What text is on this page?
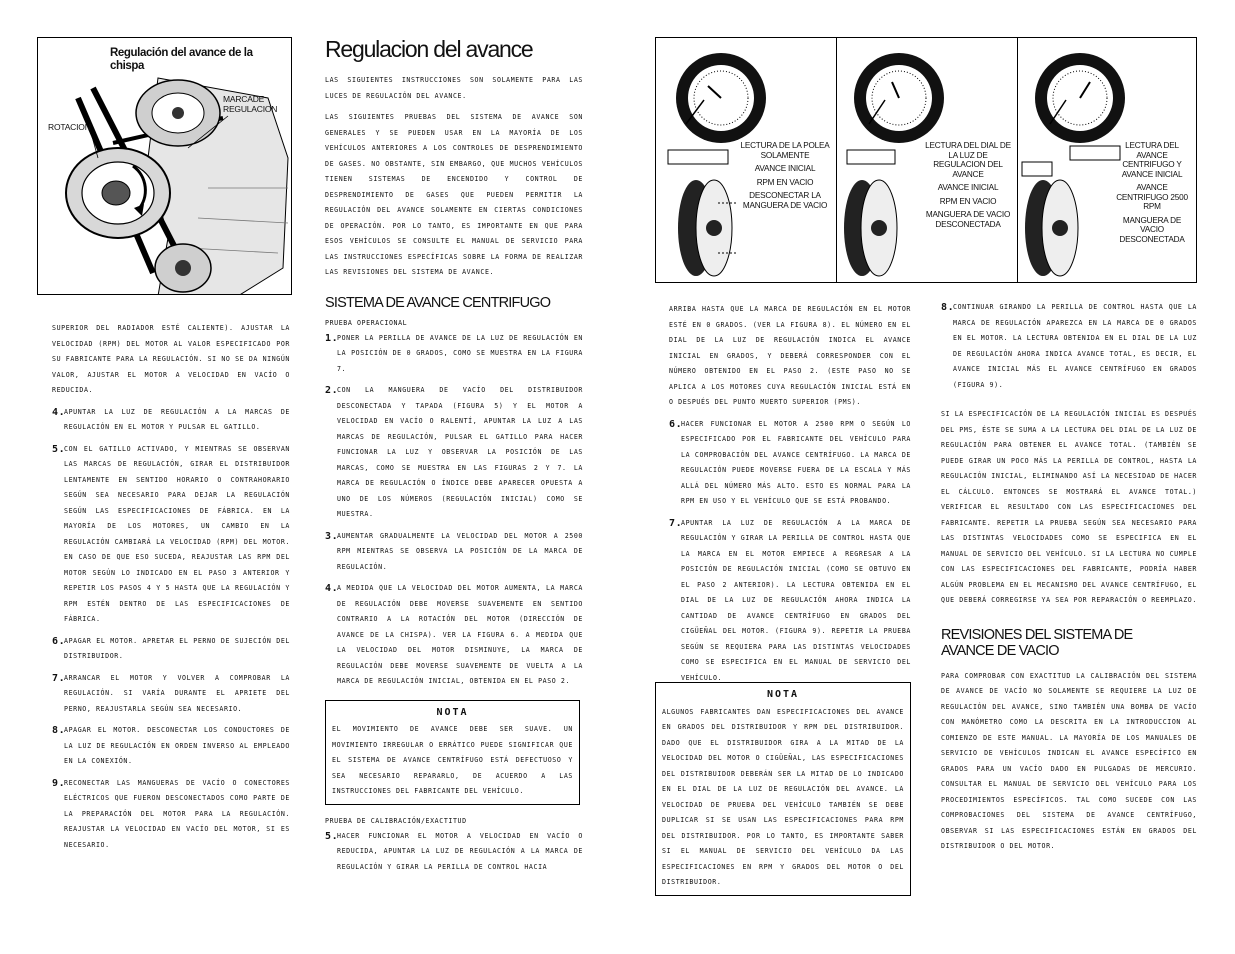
Regulación del avance de la chispa
MARCADE REGULACION
ROTACION

SUPERIOR DEL RADIADOR ESTÉ CALIENTE). AJUSTAR LA VELOCIDAD (RPM) DEL MOTOR AL VALOR ESPECIFICADO POR SU FABRICANTE PARA LA REGULACIÓN. SI NO SE DA NINGÚN VALOR, AJUSTAR EL MOTOR A VELOCIDAD EN VACÍO O REDUCIDA.

4.
APUNTAR LA LUZ DE REGULACIÓN A LA MARCAS DE REGULACIÓN EN EL MOTOR Y PULSAR EL GATILLO.
5.
CON EL GATILLO ACTIVADO, Y MIENTRAS SE OBSERVAN LAS MARCAS DE REGULACIÓN, GIRAR EL DISTRIBUIDOR LENTAMENTE EN SENTIDO HORARIO O CONTRAHORARIO SEGÚN SEA NECESARIO PARA DEJAR LA REGULACIÓN SEGÚN LAS ESPECIFICACIONES DE FÁBRICA. EN LA MAYORÍA DE LOS MOTORES, UN CAMBIO EN LA REGULACIÓN CAMBIARÁ LA VELOCIDAD (RPM) DEL MOTOR. EN CASO DE QUE ESO SUCEDA, REAJUSTAR LAS RPM DEL MOTOR SEGÚN LO INDICADO EN EL PASO 3 ANTERIOR Y REPETIR LOS PASOS 4 Y 5 HASTA QUE LA REGULACIÓN Y RPM ESTÉN DENTRO DE LAS ESPECIFICACIONES DE FÁBRICA.
6.
APAGAR EL MOTOR. APRETAR EL PERNO DE SUJECIÓN DEL DISTRIBUIDOR.
7.
ARRANCAR EL MOTOR Y VOLVER A COMPROBAR LA REGULACIÓN. SI VARÍA DURANTE EL APRIETE DEL PERNO, REAJUSTARLA SEGÚN SEA NECESARIO.
8.
APAGAR EL MOTOR. DESCONECTAR LOS CONDUCTORES DE LA LUZ DE REGULACIÓN EN ORDEN INVERSO AL EMPLEADO EN LA CONEXIÓN.
9.
RECONECTAR LAS MANGUERAS DE VACÍO O CONECTORES ELÉCTRICOS QUE FUERON DESCONECTADOS COMO PARTE DE LA PREPARACIÓN DEL MOTOR PARA LA REGULACIÓN. REAJUSTAR LA VELOCIDAD EN VACÍO DEL MOTOR, SI ES NECESARIO.
Regulacion del avance

LAS SIGUIENTES INSTRUCCIONES SON SOLAMENTE PARA LAS LUCES DE REGULACIÓN DEL AVANCE.

LAS SIGUIENTES PRUEBAS DEL SISTEMA DE AVANCE SON GENERALES Y SE PUEDEN USAR EN LA MAYORÍA DE LOS VEHÍCULOS ANTERIORES A LOS CONTROLES DE DESPRENDIMIENTO DE GASES. NO OBSTANTE, SIN EMBARGO, QUE MUCHOS VEHÍCULOS TIENEN SISTEMAS DE ENCENDIDO Y CONTROL DE DESPRENDIMIENTO DE GASES QUE PUEDEN PERMITIR LA REGULACIÓN DEL AVANCE SOLAMENTE EN CIERTAS CONDICIONES DE OPERACIÓN. POR LO TANTO, ES IMPORTANTE EN QUE PARA ESOS VEHÍCULOS SE CONSULTE EL MANUAL DE SERVICIO PARA LAS INSTRUCCIONES ESPECÍFICAS SOBRE LA FORMA DE REALIZAR LAS REVISIONES DEL SISTEMA DE AVANCE.

SISTEMA DE AVANCE CENTRIFUGO
PRUEBA OPERACIONAL
1.
PONER LA PERILLA DE AVANCE DE LA LUZ DE REGULACIÓN EN LA POSICIÓN DE 0 GRADOS, COMO SE MUESTRA EN LA FIGURA 7.
2.
CON LA MANGUERA DE VACÍO DEL DISTRIBUIDOR DESCONECTADA Y TAPADA (FIGURA 5) Y EL MOTOR A VELOCIDAD EN VACÍO O RALENTÍ, APUNTAR LA LUZ A LAS MARCAS DE REGULACIÓN, PULSAR EL GATILLO PARA HACER FUNCIONAR LA LUZ Y OBSERVAR LA POSICIÓN DE LAS MARCAS, COMO SE MUESTRA EN LAS FIGURAS 2 Y 7. LA MARCA DE REGULACIÓN O ÍNDICE DEBE APARECER OPUESTA A UNO DE LOS NÚMEROS (REGULACIÓN INICIAL) COMO SE MUESTRA.
3.
AUMENTAR GRADUALMENTE LA VELOCIDAD DEL MOTOR A 2500 RPM MIENTRAS SE OBSERVA LA POSICIÓN DE LA MARCA DE REGULACIÓN.
4.
A MEDIDA QUE LA VELOCIDAD DEL MOTOR AUMENTA, LA MARCA DE REGULACIÓN DEBE MOVERSE SUAVEMENTE EN SENTIDO CONTRARIO A LA ROTACIÓN DEL MOTOR (DIRECCIÓN DE AVANCE DE LA CHISPA). VER LA FIGURA 6. A MEDIDA QUE LA VELOCIDAD DEL MOTOR DISMINUYE, LA MARCA DE REGULACIÓN DEBE MOVERSE SUAVEMENTE DE VUELTA A LA MARCA DE REGULACIÓN INICIAL, OBTENIDA EN EL PASO 2.
NOTA
EL MOVIMIENTO DE AVANCE DEBE SER SUAVE. UN MOVIMIENTO IRREGULAR O ERRÁTICO PUEDE SIGNIFICAR QUE EL SISTEMA DE AVANCE CENTRÍFUGO ESTÁ DEFECTUOSO Y SEA NECESARIO REPARARLO, DE ACUERDO A LAS INSTRUCCIONES DEL FABRICANTE DEL VEHÍCULO.
PRUEBA DE CALIBRACIÓN/EXACTITUD
5.
HACER FUNCIONAR EL MOTOR A VELOCIDAD EN VACÍO O REDUCIDA, APUNTAR LA LUZ DE REGULACIÓN A LA MARCA DE REGULACIÓN Y GIRAR LA PERILLA DE CONTROL HACIA
LECTURA DE LA POLEA SOLAMENTE
AVANCE INICIAL
RPM EN VACIO
DESCONECTAR LA MANGUERA DE VACIO
LECTURA DEL DIAL DE LA LUZ DE REGULACION DEL AVANCE
AVANCE INICIAL
RPM EN VACIO
MANGUERA DE VACIO DESCONECTADA
LECTURA DEL AVANCE CENTRIFUGO Y AVANCE INICIAL
AVANCE CENTRIFUGO 2500 RPM
MANGUERA DE VACIO DESCONECTADA

ARRIBA HASTA QUE LA MARCA DE REGULACIÓN EN EL MOTOR ESTÉ EN 0 GRADOS. (VER LA FIGURA 8). EL NÚMERO EN EL DIAL DE LA LUZ DE REGULACIÓN INDICA EL AVANCE INICIAL EN GRADOS, Y DEBERÁ CORRESPONDER CON EL NÚMERO OBTENIDO EN EL PASO 2. (ESTE PASO NO SE APLICA A LOS MOTORES CUYA REGULACIÓN INICIAL ESTÁ EN O DESPUÉS DEL PUNTO MUERTO SUPERIOR (PMS).

6.
HACER FUNCIONAR EL MOTOR A 2500 RPM O SEGÚN LO ESPECIFICADO POR EL FABRICANTE DEL VEHÍCULO PARA LA COMPROBACIÓN DEL AVANCE CENTRÍFUGO. LA MARCA DE REGULACIÓN PUEDE MOVERSE FUERA DE LA ESCALA Y MÁS ALLÁ DEL NÚMERO MÁS ALTO. ESTO ES NORMAL PARA LA RPM EN USO Y EL VEHÍCULO QUE SE ESTÁ PROBANDO.
7.
APUNTAR LA LUZ DE REGULACIÓN A LA MARCA DE REGULACIÓN Y GIRAR LA PERILLA DE CONTROL HASTA QUE LA MARCA EN EL MOTOR EMPIECE A REGRESAR A LA POSICIÓN DE REGULACIÓN INICIAL (COMO SE OBTUVO EN EL PASO 2 ANTERIOR). LA LECTURA OBTENIDA EN EL DIAL DE LA LUZ DE REGULACIÓN AHORA INDICA LA CANTIDAD DE AVANCE CENTRÍFUGO EN GRADOS DEL CIGÜEÑAL DEL MOTOR. (FIGURA 9). REPETIR LA PRUEBA SEGÚN SE REQUIERA PARA LAS DISTINTAS VELOCIDADES COMO SE ESPECIFICA EN EL MANUAL DE SERVICIO DEL VEHÍCULO.
NOTA
ALGUNOS FABRICANTES DAN ESPECIFICACIONES DEL AVANCE EN GRADOS DEL DISTRIBUIDOR Y RPM DEL DISTRIBUIDOR. DADO QUE EL DISTRIBUIDOR GIRA A LA MITAD DE LA VELOCIDAD DEL MOTOR O CIGÜEÑAL, LAS ESPECIFICACIONES DEL DISTRIBUIDOR DEBERÁN SER LA MITAD DE LO INDICADO EN EL DIAL DE LA LUZ DE REGULACIÓN DEL AVANCE. LA VELOCIDAD DE PRUEBA DEL VEHÍCULO TAMBIÉN SE DEBE DUPLICAR SI SE USAN LAS ESPECIFICACIONES PARA RPM DEL DISTRIBUIDOR. POR LO TANTO, ES IMPORTANTE SABER SI EL MANUAL DE SERVICIO DEL VEHÍCULO DA LAS ESPECIFICACIONES EN RPM Y GRADOS DEL MOTOR O DEL DISTRIBUIDOR.
8.
CONTINUAR GIRANDO LA PERILLA DE CONTROL HASTA QUE LA MARCA DE REGULACIÓN APAREZCA EN LA MARCA DE 0 GRADOS EN EL MOTOR. LA LECTURA OBTENIDA EN EL DIAL DE LA LUZ DE REGULACIÓN AHORA INDICA AVANCE TOTAL, ES DECIR, EL AVANCE INICIAL MÁS EL AVANCE CENTRÍFUGO EN GRADOS (FIGURA 9).

SI LA ESPECIFICACIÓN DE LA REGULACIÓN INICIAL ES DESPUÉS DEL PMS, ÉSTE SE SUMA A LA LECTURA DEL DIAL DE LA LUZ DE REGULACIÓN PARA OBTENER EL AVANCE TOTAL. (TAMBIÉN SE PUEDE GIRAR UN POCO MÁS LA PERILLA DE CONTROL, HASTA LA REGULACIÓN INICIAL, ELIMINANDO ASÍ LA NECESIDAD DE HACER EL CÁLCULO. ENTONCES SE MOSTRARÁ EL AVANCE TOTAL.) VERIFICAR EL RESULTADO CON LAS ESPECIFICACIONES DEL FABRICANTE. REPETIR LA PRUEBA SEGÚN SEA NECESARIO PARA LAS DISTINTAS VELOCIDADES COMO SE ESPECIFICA EN EL MANUAL DE SERVICIO DEL VEHÍCULO. SI LA LECTURA NO CUMPLE CON LAS ESPECIFICACIONES DEL FABRICANTE, PODRÍA HABER ALGÚN PROBLEMA EN EL MECANISMO DEL AVANCE CENTRÍFUGO, EL QUE DEBERÁ CORREGIRSE YA SEA POR REPARACIÓN O REEMPLAZO.

REVISIONES DEL SISTEMA DE AVANCE DE VACIO

PARA COMPROBAR CON EXACTITUD LA CALIBRACIÓN DEL SISTEMA DE AVANCE DE VACÍO NO SOLAMENTE SE REQUIERE LA LUZ DE REGULACIÓN DEL AVANCE, SINO TAMBIÉN UNA BOMBA DE VACÍO CON MANÓMETRO COMO LA DESCRITA EN LA INTRODUCCION AL COMIENZO DE ESTE MANUAL. LA MAYORÍA DE LOS MANUALES DE SERVICIO DE VEHÍCULOS INDICAN EL AVANCE ESPECÍFICO EN GRADOS PARA UN VACÍO DADO EN PULGADAS DE MERCURIO. CONSULTAR EL MANUAL DE SERVICIO DEL VEHÍCULO PARA LOS PROCEDIMIENTOS ESPECÍFICOS. TAL COMO SUCEDE CON LAS COMPROBACIONES DEL SISTEMA DE AVANCE CENTRÍFUGO, OBSERVAR SI LAS ESPECIFICACIONES ESTÁN EN GRADOS DEL DISTRIBUIDOR O DEL MOTOR.
